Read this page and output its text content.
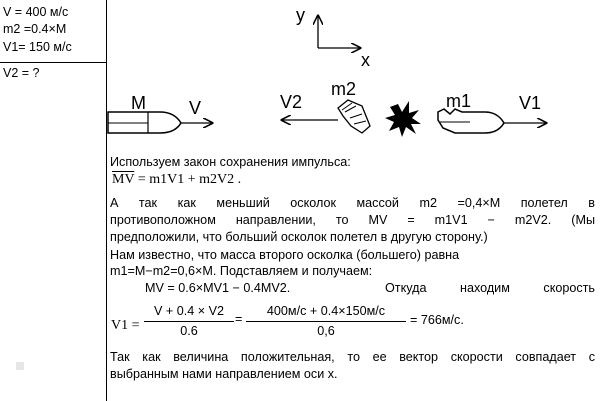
V = 400 м/с
m2 =0.4×M
V1= 150 м/с
V2 = ?
y
x
M V	V2
m2
m1	V1
Используем закон сохранения импульса:
$\overline{MV} = m1V1 + m2V2$ .
А так как меньший осколок массой m2 =0,4×M полетел в
противоположном направлении, то MV = m1V1 − m2V2. (Мы
предположили, что больший осколок полетел в другую сторону.)
Нам известно, что масса второго осколка (большего) равна
m1=M−m2=0,6×M. Подставляем и получаем:
MV = 0.6×MV1 − 0.4MV2.	Откуда находим скорость
V1 =
V + 0.4 × V2
0.6
=
400м/с + 0.4×150м/с
0,6
= 766м/с.
Так как величина положительная, то ее вектор скорости совпадает с
выбранным нами направлением оси x.
